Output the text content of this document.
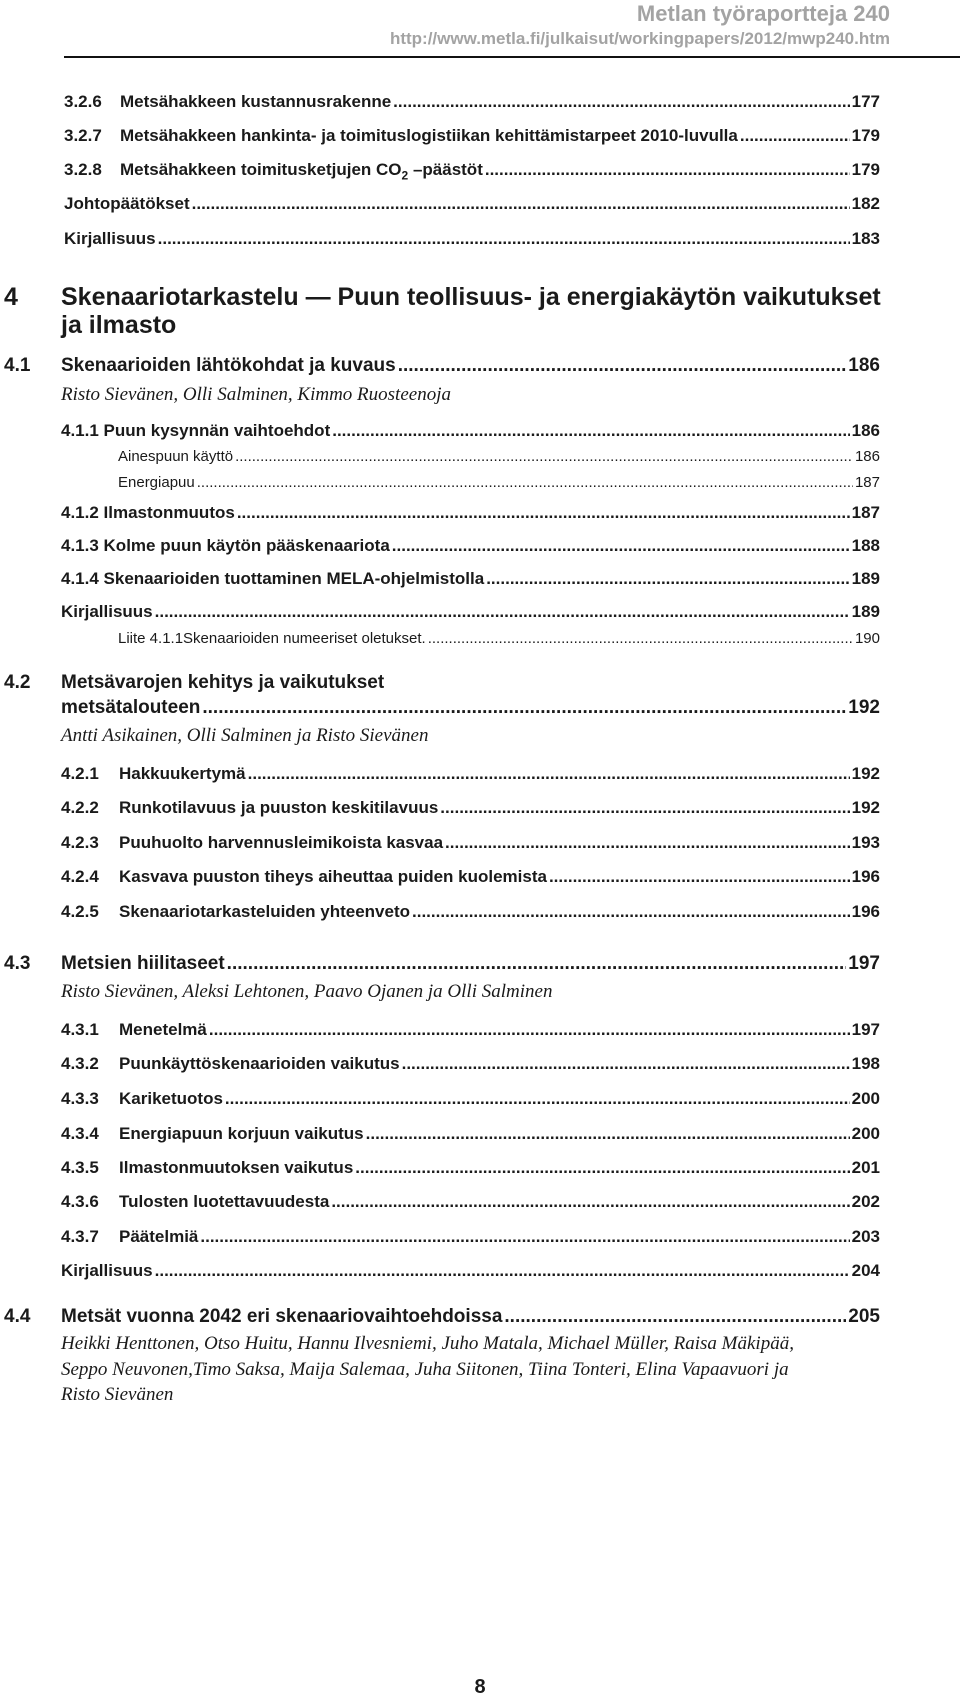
Metlan työraportteja 240
http://www.metla.fi/julkaisut/workingpapers/2012/mwp240.htm
3.2.6	Metsähakkeen kustannusrakenne .....	177
3.2.7	Metsähakkeen hankinta- ja toimituslogistiikan kehittämistarpeet 2010-luvulla .....	179
3.2.8	Metsähakkeen toimitusketjujen $CO_2$ –päästöt .....	179
Johtopäätökset .....	182
Kirjallisuus .....	183
4 Skenaariotarkastelu — Puun teollisuus- ja energiakäytön vaikutukset
ja ilmasto
4.1	Skenaarioiden lähtökohdat ja kuvaus .....	186
Risto Sievänen, Olli Salminen, Kimmo Ruosteenoja
4.1.1 Puun kysynnän vaihtoehdot .....	186
Ainespuun käyttö .....	186
Energiapuu .....	187
4.1.2 Ilmastonmuutos .....	187
4.1.3 Kolme puun käytön pääskenaariota .....	188
4.1.4 Skenaarioiden tuottaminen MELA-ohjelmistolla .....	189
Kirjallisuus .....	189
Liite 4.1.1Skenaarioiden numeeriset oletukset. .....	190
4.2	Metsävarojen kehitys ja vaikutukset
metsätalouteen .....	192
Antti Asikainen, Olli Salminen ja Risto Sievänen
4.2.1	Hakkuukertymä .....	192
4.2.2	Runkotilavuus ja puuston keskitilavuus .....	192
4.2.3	Puuhuolto harvennusleimikoista kasvaa .....	193
4.2.4	Kasvava puuston tiheys aiheuttaa puiden kuolemista .....	196
4.2.5	Skenaariotarkasteluiden yhteenveto .....	196
4.3	Metsien hiilitaseet .....	197
Risto Sievänen, Aleksi Lehtonen, Paavo Ojanen ja Olli Salminen
4.3.1	Menetelmä .....	197
4.3.2	Puunkäyttöskenaarioiden vaikutus .....	198
4.3.3	Kariketuotos .....	200
4.3.4	Energiapuun korjuun vaikutus .....	200
4.3.5	Ilmastonmuutoksen vaikutus .....	201
4.3.6	Tulosten luotettavuudesta .....	202
4.3.7	Päätelmiä .....	203
Kirjallisuus .....	204
4.4	Metsät vuonna 2042 eri skenaariovaihtoehdoissa .....	205
Heikki Henttonen, Otso Huitu, Hannu Ilvesniemi, Juho Matala, Michael Müller, Raisa Mäkipää,
Seppo Neuvonen,Timo Saksa, Maija Salemaa, Juha Siitonen, Tiina Tonteri, Elina Vapaavuori ja
Risto Sievänen
8
